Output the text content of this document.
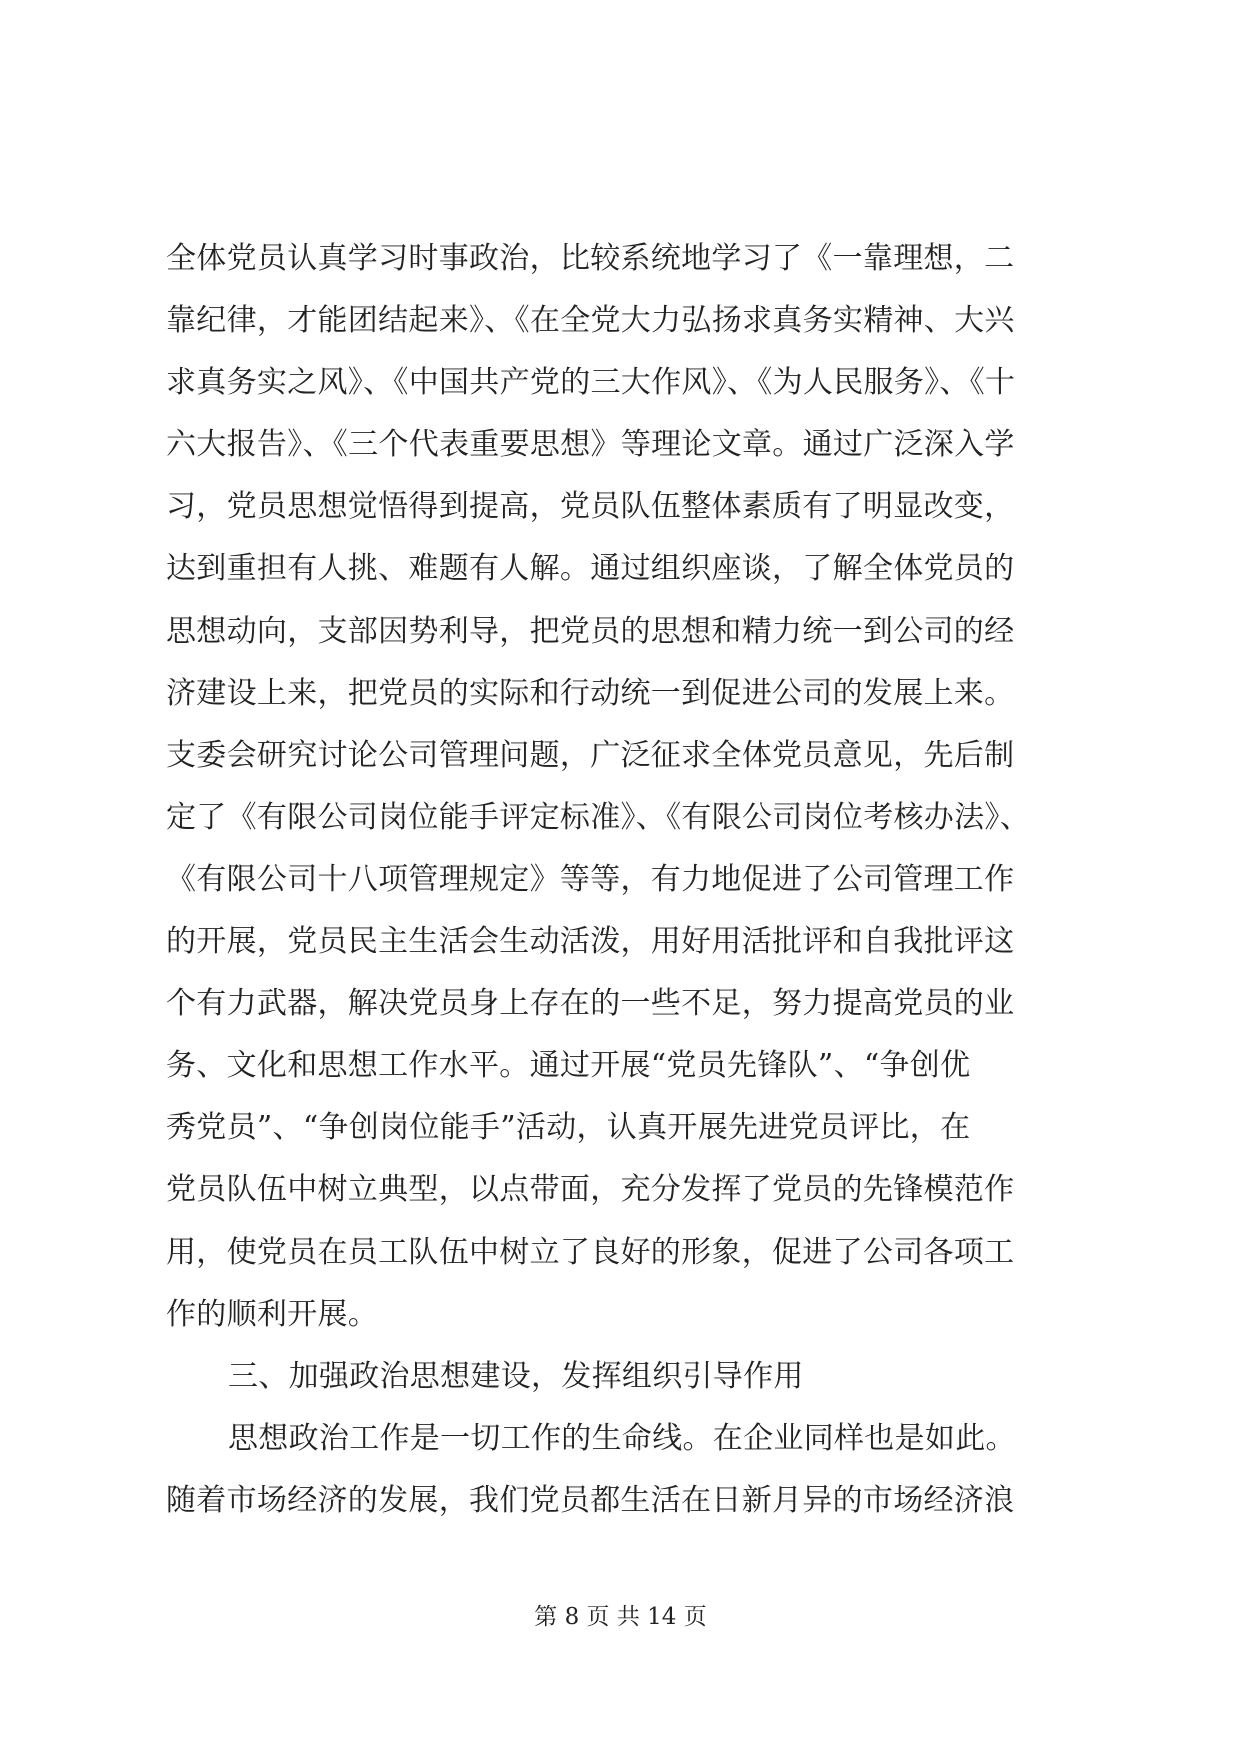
全体党员认真学习时事政治，比较系统地学习了《一靠理想，二
靠纪律，才能团结起来》、《在全党大力弘扬求真务实精神、大兴
求真务实之风》、《中国共产党的三大作风》、《为人民服务》、《十
六大报告》、《三个代表重要思想》等理论文章。通过广泛深入学
习，党员思想觉悟得到提高，党员队伍整体素质有了明显改变，
达到重担有人挑、难题有人解。通过组织座谈，了解全体党员的
思想动向，支部因势利导，把党员的思想和精力统一到公司的经
济建设上来，把党员的实际和行动统一到促进公司的发展上来。
支委会研究讨论公司管理问题，广泛征求全体党员意见，先后制
定了《有限公司岗位能手评定标准》、《有限公司岗位考核办法》、
《有限公司十八项管理规定》等等，有力地促进了公司管理工作
的开展，党员民主生活会生动活泼，用好用活批评和自我批评这
个有力武器，解决党员身上存在的一些不足，努力提高党员的业
务、文化和思想工作水平。通过开展“党员先锋队”、“争创优
秀党员”、“争创岗位能手”活动，认真开展先进党员评比，在
党员队伍中树立典型，以点带面，充分发挥了党员的先锋模范作
用，使党员在员工队伍中树立了良好的形象，促进了公司各项工
作的顺利开展。
三、加强政治思想建设，发挥组织引导作用
思想政治工作是一切工作的生命线。在企业同样也是如此。
随着市场经济的发展，我们党员都生活在日新月异的市场经济浪
第 8 页 共 14 页
